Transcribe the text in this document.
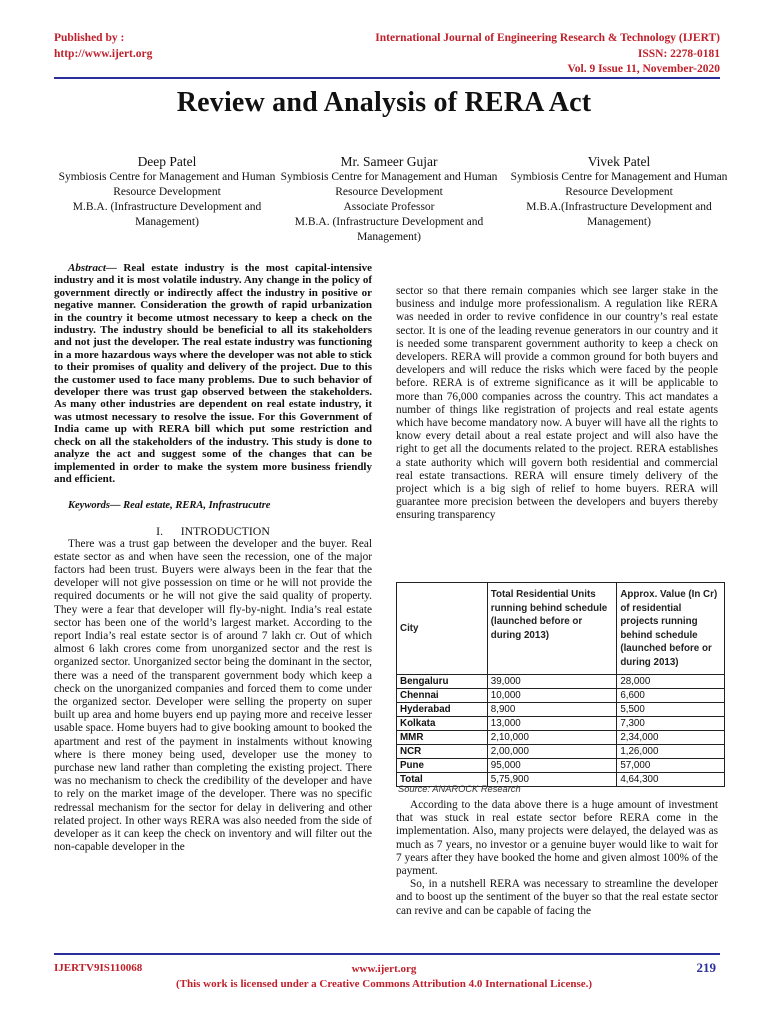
Published by :
http://www.ijert.org
International Journal of Engineering Research & Technology (IJERT)
ISSN: 2278-0181
Vol. 9 Issue 11, November-2020
Review and Analysis of RERA Act
Deep Patel
Symbiosis Centre for Management and Human Resource Development
M.B.A. (Infrastructure Development and Management)
Mr. Sameer Gujar
Symbiosis Centre for Management and Human Resource Development
Associate Professor
M.B.A. (Infrastructure Development and Management)
Vivek Patel
Symbiosis Centre for Management and Human Resource Development
M.B.A.(Infrastructure Development and Management)

Abstract— Real estate industry is the most capital-intensive industry and it is most volatile industry. Any change in the policy of government directly or indirectly affect the industry in positive or negative manner. Consideration the growth of rapid urbanization in the country it become utmost necessary to keep a check on the industry. The industry should be beneficial to all its stakeholders and not just the developer. The real estate industry was functioning in a more hazardous ways where the developer was not able to stick to their promises of quality and delivery of the project. Due to this the customer used to face many problems. Due to such behavior of developer there was trust gap observed between the stakeholders. As many other industries are dependent on real estate industry, it was utmost necessary to resolve the issue. For this Government of India came up with RERA bill which put some restriction and check on all the stakeholders of the industry. This study is done to analyze the act and suggest some of the changes that can be implemented in order to make the system more business friendly and efficient.

Keywords— Real estate, RERA, Infrastrucutre

I.      INTRODUCTION

There was a trust gap between the developer and the buyer. Real estate sector as and when have seen the recession, one of the major factors had been trust. Buyers were always been in the fear that the developer will not give possession on time or he will not provide the required documents or he will not give the said quality of property. They were a fear that developer will fly-by-night. India’s real estate sector has been one of the world’s largest market. According to the report India’s real estate sector is of around 7 lakh cr. Out of which almost 6 lakh crores come from unorganized sector and the rest is organized sector. Unorganized sector being the dominant in the sector, there was a need of the transparent government body which keep a check on the unorganized companies and forced them to come under the organized sector. Developer were selling the property on super built up area and home buyers end up paying more and receive lesser usable space. Home buyers had to give booking amount to booked the apartment and rest of the payment in instalments without knowing where is there money being used, developer use the money to purchase new land rather than completing the existing project. There was no mechanism to check the credibility of the developer and have to rely on the market image of the developer. There was no specific redressal mechanism for the sector for delay in delivering and other related project. In other ways RERA was also needed from the side of developer as it can keep the check on inventory and will filter out the non-capable developer in the

sector so that there remain companies which see larger stake in the business and indulge more professionalism. A regulation like RERA was needed in order to revive confidence in our country’s real estate sector. It is one of the leading revenue generators in our country and it is needed some transparent government authority to keep a check on developers. RERA will provide a common ground for both buyers and developers and will reduce the risks which were faced by the people before. RERA is of extreme significance as it will be applicable to more than 76,000 companies across the country. This act mandates a number of things like registration of projects and real estate agents which have become mandatory now. A buyer will have all the rights to know every detail about a real estate project and will also have the right to get all the documents related to the project. RERA establishes a state authority which will govern both residential and commercial real estate transactions. RERA will ensure timely delivery of the project which is a big sigh of relief to home buyers. RERA will guarantee more precision between the developers and buyers thereby ensuring transparency

City	Total Residential Units running behind schedule (launched before or during 2013)	Approx. Value (In Cr) of residential projects running behind schedule (launched before or during 2013)
Bengaluru	39,000	28,000
Chennai	10,000	6,600
Hyderabad	8,900	5,500
Kolkata	13,000	7,300
MMR	2,10,000	2,34,000
NCR	2,00,000	1,26,000
Pune	95,000	57,000
Total	5,75,900	4,64,300
Source: ANAROCK Research

According to the data above there is a huge amount of investment that was stuck in real estate sector before RERA come in the implementation. Also, many projects were delayed, the delayed was as much as 7 years, no investor or a genuine buyer would like to wait for 7 years after they have booked the home and given almost 100% of the payment.

So, in a nutshell RERA was necessary to streamline the developer and to boost up the sentiment of the buyer so that the real estate sector can revive and can be capable of facing the

IJERTV9IS110068	www.ijert.org
(This work is licensed under a Creative Commons Attribution 4.0 International License.)
219
